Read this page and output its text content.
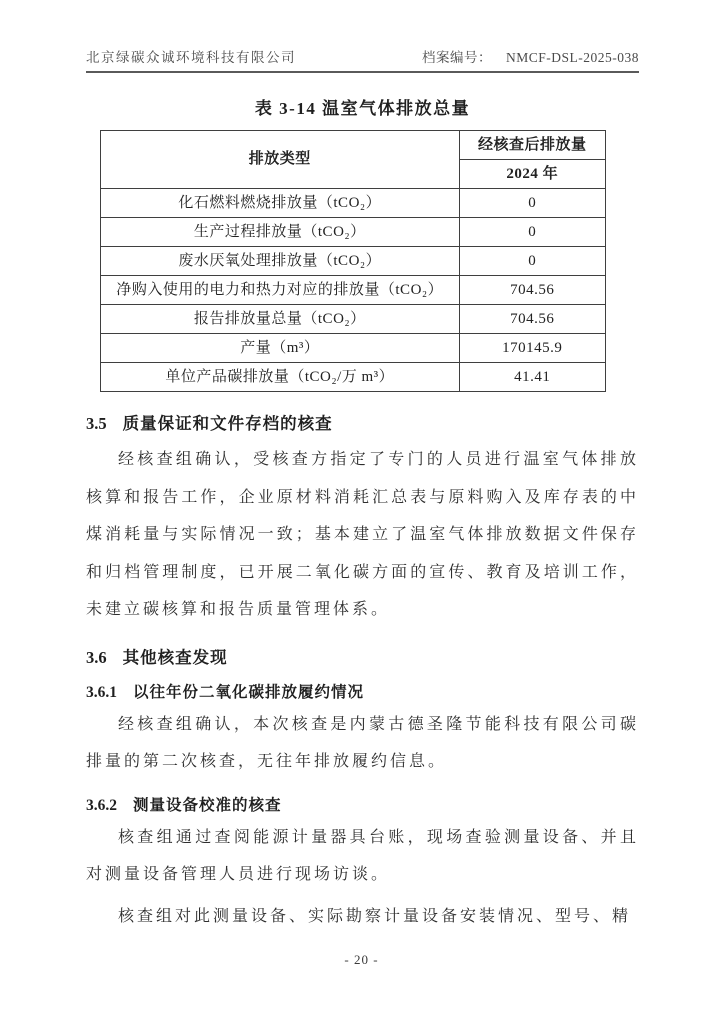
北京绿碳众诚环境科技有限公司	档案编号： NMCF-DSL-2025-038
表 3-14 温室气体排放总量
排放类型	经核查后排放量
	2024 年
化石燃料燃烧排放量（tCO₂）	0
生产过程排放量（tCO₂）	0
废水厌氧处理排放量（tCO₂）	0
净购入使用的电力和热力对应的排放量（tCO₂）	704.56
报告排放量总量（tCO₂）	704.56
产量（m³）	170145.9
单位产品碳排放量（tCO₂/万 m³）	41.41
3.5 质量保证和文件存档的核查
经核查组确认，受核查方指定了专门的人员进行温室气体排放核算和报告工作，企业原材料消耗汇总表与原料购入及库存表的中煤消耗量与实际情况一致；基本建立了温室气体排放数据文件保存和归档管理制度，已开展二氧化碳方面的宣传、教育及培训工作，未建立碳核算和报告质量管理体系。
3.6 其他核查发现
3.6.1 以往年份二氧化碳排放履约情况
经核查组确认，本次核查是内蒙古德圣隆节能科技有限公司碳排量的第二次核查，无往年排放履约信息。
3.6.2 测量设备校准的核查
核查组通过查阅能源计量器具台账，现场查验测量设备、并且对测量设备管理人员进行现场访谈。
核查组对此测量设备、实际勘察计量设备安装情况、型号、精
- 20 -
